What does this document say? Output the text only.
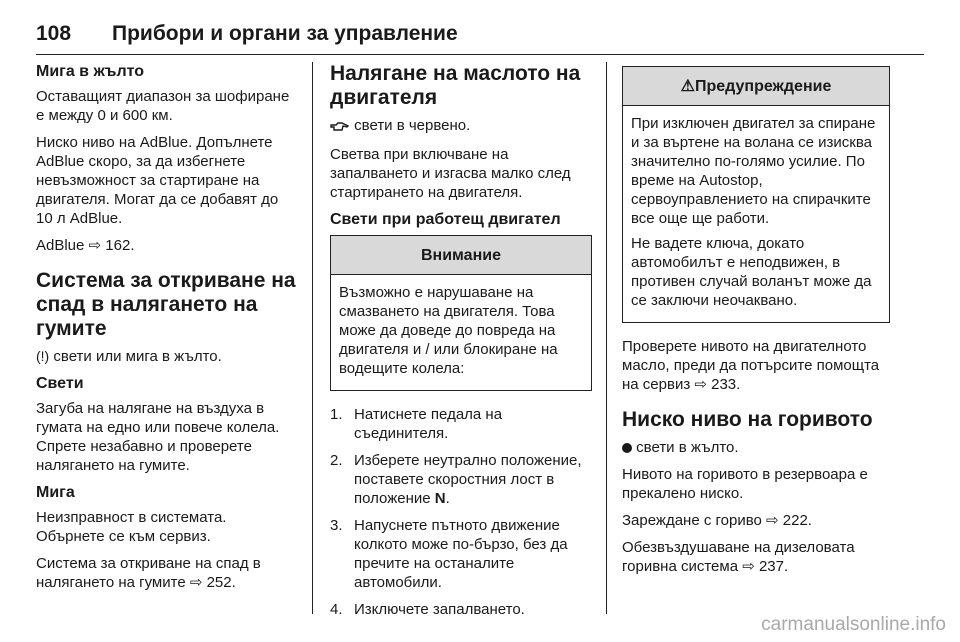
108 Прибори и органи за управление
Мига в жълто

Оставащият диапазон за шофиране е между 0 и 600 км.

Ниско ниво на AdBlue. Допълнете AdBlue скоро, за да избегнете невъзможност за стартиране на двигателя. Могат да се добавят до 10 л AdBlue.

AdBlue ⇨ 162.

Система за откриване на спад в налягането на гумите

(!) свети или мига в жълто.

Свети

Загуба на налягане на въздуха в гумата на едно или повече колела. Спрете незабавно и проверете налягането на гумите.

Мига

Неизправност в системата. Обърнете се към сервиз.

Система за откриване на спад в налягането на гумите ⇨ 252.

Налягане на маслото на двигателя

свети в червено.

Светва при включване на запалването и изгасва малко след стартирането на двигателя.

Свети при работещ двигател
Внимание

Възможно е нарушаване на смазването на двигателя. Това може да доведе до повреда на двигателя и / или блокиране на водещите колела:

1. Натиснете педала на съединителя.
2. Изберете неутрално положение, поставете скоростния лост в положение N.
3. Напуснете пътното движение колкото може по-бързо, без да пречите на останалите автомобили.
4. Изключете запалването.
⚠Предупреждение

При изключен двигател за спиране и за въртене на волана се изисква значително по-голямо усилие. По време на Autostop, сервоуправлението на спирачките все още ще работи.

Не вадете ключа, докато автомобилът е неподвижен, в противен случай воланът може да се заключи неочаквано.

Проверете нивото на двигателното масло, преди да потърсите помощта на сервиз ⇨ 233.

Ниско ниво на горивото

свети в жълто.

Нивото на горивото в резервоара е прекалено ниско.

Зареждане с гориво ⇨ 222.

Обезвъздушаване на дизеловата горивна система ⇨ 237.

carmanualsonline.info
